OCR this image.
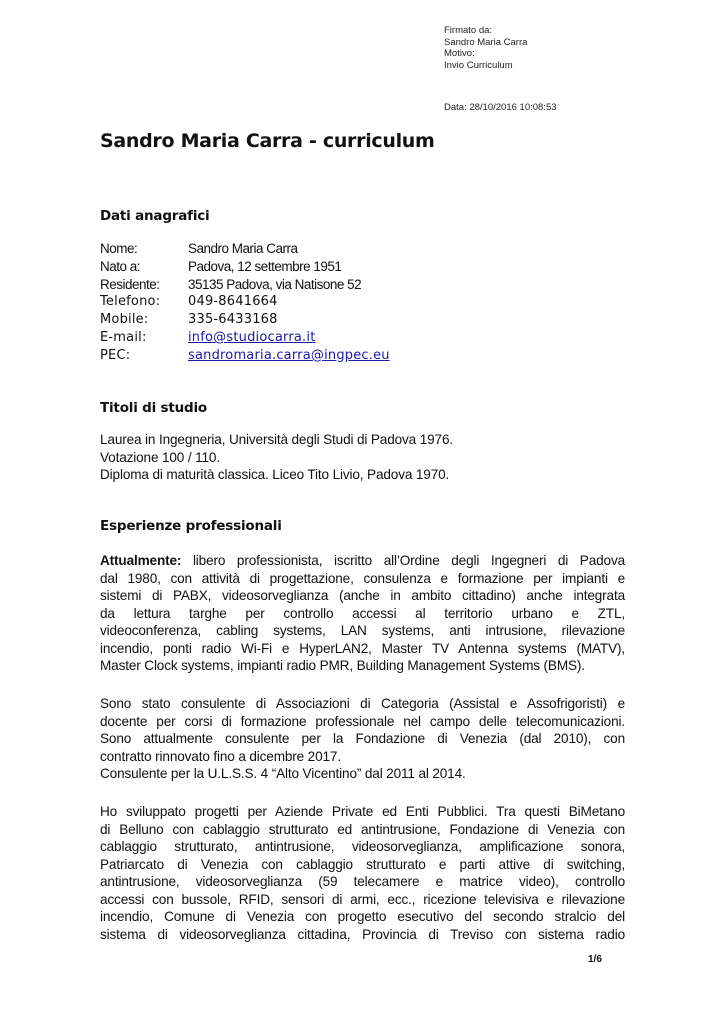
Firmato da:
Sandro Maria Carra
Motivo:
Invio Curriculum
Data: 28/10/2016 10:08:53
Sandro Maria Carra - curriculum
Dati anagrafici
Nome:	Sandro Maria Carra
Nato a:	Padova, 12 settembre 1951
Residente:	35135 Padova, via Natisone 52
Telefono:	049-8641664
Mobile:	335-6433168
E-mail:	info@studiocarra.it
PEC:	sandromaria.carra@ingpec.eu
Titoli di studio
Laurea in Ingegneria, Università degli Studi di Padova 1976.
Votazione 100 / 110.
Diploma di maturità classica. Liceo Tito Livio, Padova 1970.
Esperienze professionali
Attualmente: libero professionista, iscritto all’Ordine degli Ingegneri di Padova
dal 1980, con attività di progettazione, consulenza e formazione per impianti e
sistemi di PABX, videosorveglianza (anche in ambito cittadino) anche integrata
da lettura targhe per controllo accessi al territorio urbano e ZTL,
videoconferenza, cabling systems, LAN systems, anti intrusione, rilevazione
incendio, ponti radio Wi-Fi e HyperLAN2, Master TV Antenna systems (MATV),
Master Clock systems, impianti radio PMR, Building Management Systems (BMS).
Sono stato consulente di Associazioni di Categoria (Assistal e Assofrigoristi) e
docente per corsi di formazione professionale nel campo delle telecomunicazioni.
Sono attualmente consulente per la Fondazione di Venezia (dal 2010), con
contratto rinnovato fino a dicembre 2017.
Consulente per la U.L.S.S. 4 “Alto Vicentino” dal 2011 al 2014.
Ho sviluppato progetti per Aziende Private ed Enti Pubblici. Tra questi BiMetano
di Belluno con cablaggio strutturato ed antintrusione, Fondazione di Venezia con
cablaggio strutturato, antintrusione, videosorveglianza, amplificazione sonora,
Patriarcato di Venezia con cablaggio strutturato e parti attive di switching,
antintrusione, videosorveglianza (59 telecamere e matrice video), controllo
accessi con bussole, RFID, sensori di armi, ecc., ricezione televisiva e rilevazione
incendio, Comune di Venezia con progetto esecutivo del secondo stralcio del
sistema di videosorveglianza cittadina, Provincia di Treviso con sistema radio
1/6
